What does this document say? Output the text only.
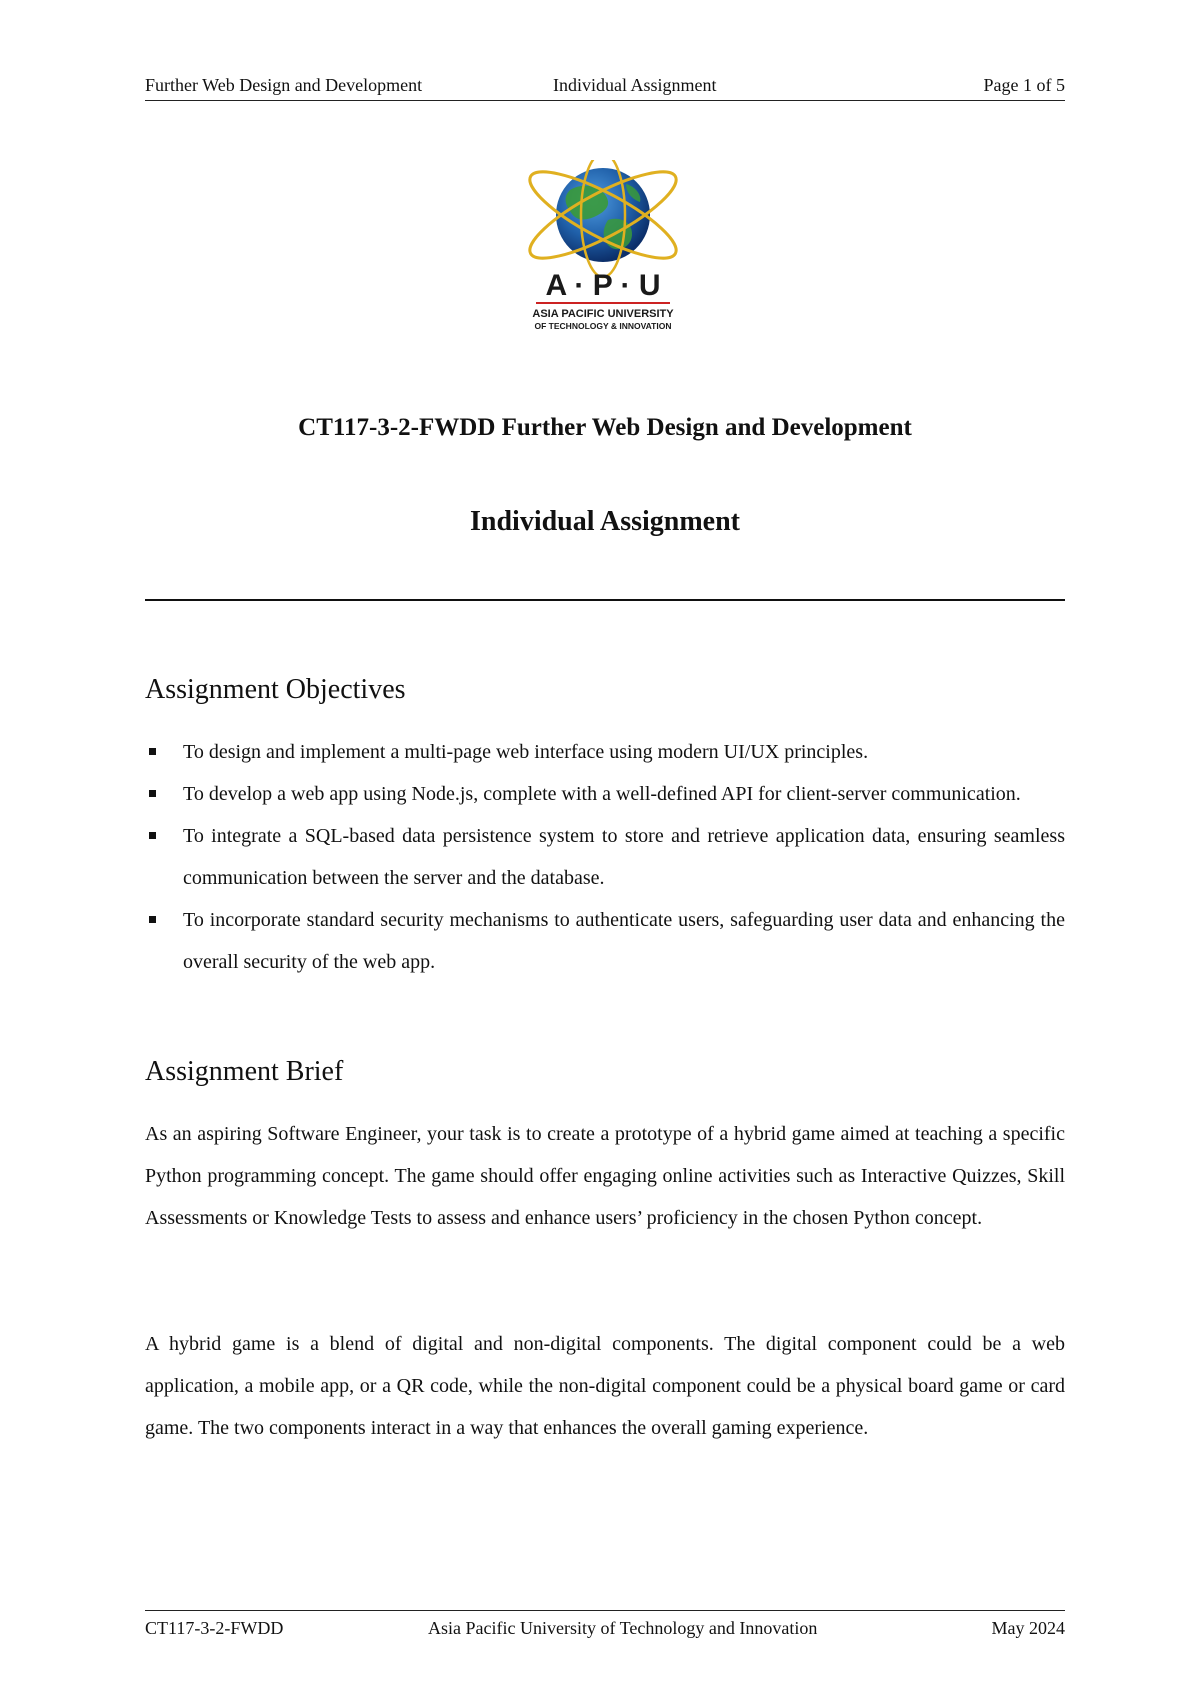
Further Web Design and Development	Individual Assignment	Page 1 of 5
A · P · U
ASIA PACIFIC UNIVERSITY
OF TECHNOLOGY & INNOVATION
CT117-3-2-FWDD Further Web Design and Development
Individual Assignment
Assignment Objectives
To design and implement a multi-page web interface using modern UI/UX principles.
To develop a web app using Node.js, complete with a well-defined API for client-server communication.
To integrate a SQL-based data persistence system to store and retrieve application data, ensuring seamless communication between the server and the database.
To incorporate standard security mechanisms to authenticate users, safeguarding user data and enhancing the overall security of the web app.
Assignment Brief

As an aspiring Software Engineer, your task is to create a prototype of a hybrid game aimed at teaching a specific Python programming concept. The game should offer engaging online activities such as Interactive Quizzes, Skill Assessments or Knowledge Tests to assess and enhance users’ proficiency in the chosen Python concept.

A hybrid game is a blend of digital and non-digital components. The digital component could be a web application, a mobile app, or a QR code, while the non-digital component could be a physical board game or card game. The two components interact in a way that enhances the overall gaming experience.

CT117-3-2-FWDD	Asia Pacific University of Technology and Innovation	May 2024
